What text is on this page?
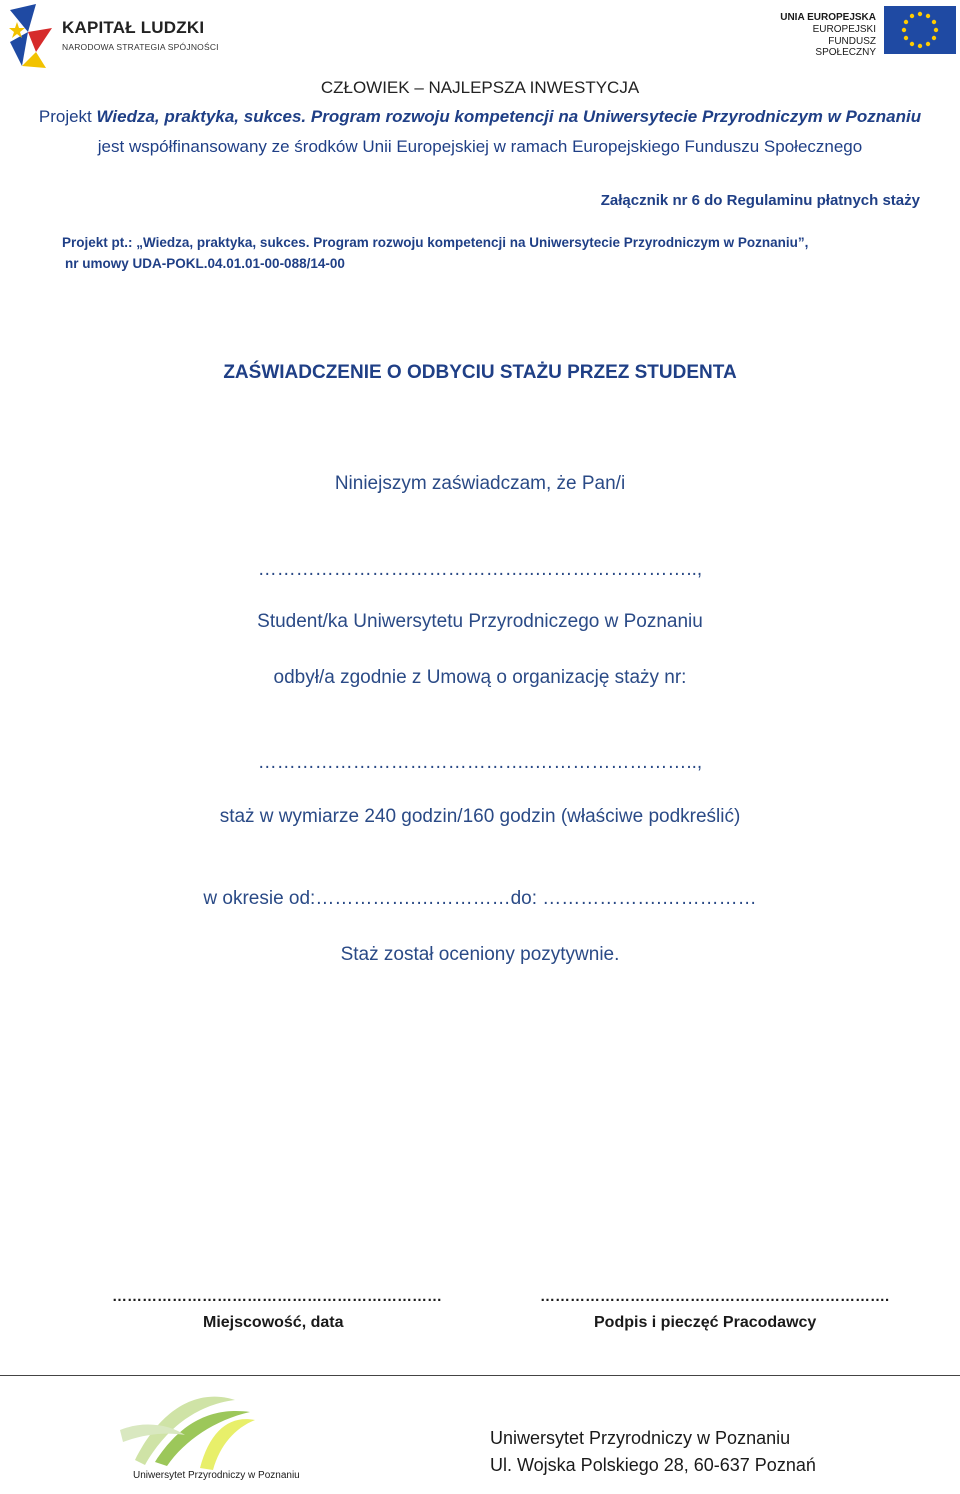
KAPITAŁ LUDZKI
NARODOWA STRATEGIA SPÓJNOŚCI
UNIA EUROPEJSKA
EUROPEJSKI
FUNDUSZ SPOŁECZNY
CZŁOWIEK – NAJLEPSZA INWESTYCJA
Projekt Wiedza, praktyka, sukces. Program rozwoju kompetencji na Uniwersytecie Przyrodniczym w Poznaniu
jest współfinansowany ze środków Unii Europejskiej w ramach Europejskiego Funduszu Społecznego
Załącznik nr 6 do Regulaminu płatnych staży
Projekt pt.: „Wiedza, praktyka, sukces. Program rozwoju kompetencji na Uniwersytecie Przyrodniczym w Poznaniu”,
nr umowy UDA-POKL.04.01.01-00-088/14-00
ZAŚWIADCZENIE O ODBYCIU STAŻU PRZEZ STUDENTA
Niniejszym zaświadczam, że Pan/i
……………………………………..……………………..,
Student/ka Uniwersytetu Przyrodniczego w Poznaniu
odbył/a zgodnie z Umową o organizację staży nr:
……………………………………..……………………..,
staż w wymiarze 240 godzin/160 godzin (właściwe podkreślić)
w okresie od:…………….……………do: ……………….……………
Staż został oceniony pozytywnie.
…………………………………………………………
Miejscowość, data
…………………………………………………………….
Podpis i pieczęć Pracodawcy
Uniwersytet Przyrodniczy w Poznaniu
Uniwersytet Przyrodniczy w Poznaniu
Ul. Wojska Polskiego 28, 60-637 Poznań
